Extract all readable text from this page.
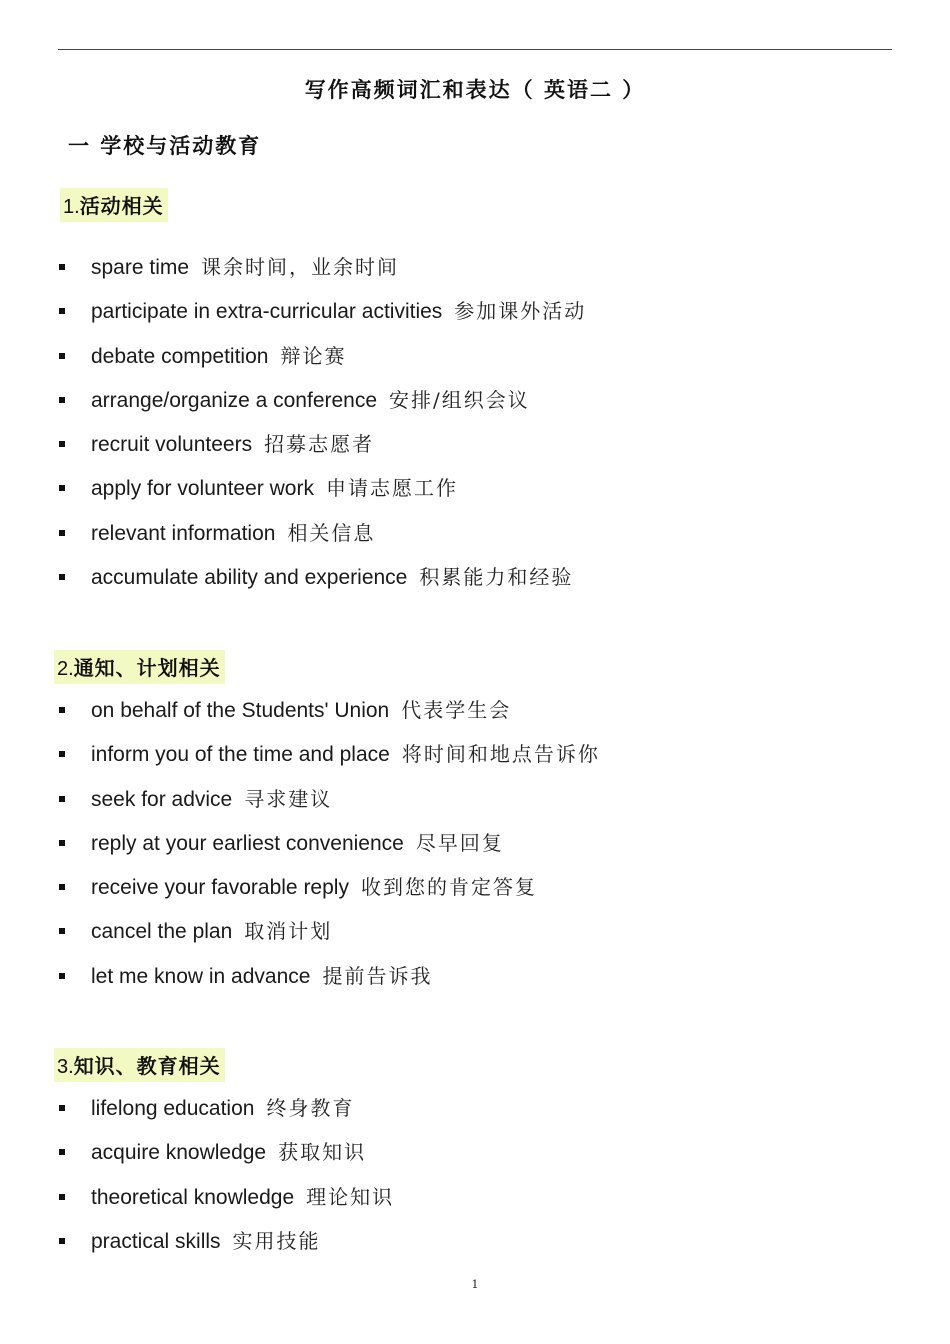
写作高频词汇和表达（ 英语二 ）
一 学校与活动教育
1.活动相关
spare time 课余时间，业余时间
participate in extra-curricular activities 参加课外活动
debate competition 辩论赛
arrange/organize a conference 安排/组织会议
recruit volunteers 招募志愿者
apply for volunteer work 申请志愿工作
relevant information 相关信息
accumulate ability and experience 积累能力和经验
2.通知、计划相关
on behalf of the Students' Union 代表学生会
inform you of the time and place 将时间和地点告诉你
seek for advice 寻求建议
reply at your earliest convenience 尽早回复
receive your favorable reply 收到您的肯定答复
cancel the plan 取消计划
let me know in advance 提前告诉我
3.知识、教育相关
lifelong education 终身教育
acquire knowledge 获取知识
theoretical knowledge 理论知识
practical skills 实用技能
1
